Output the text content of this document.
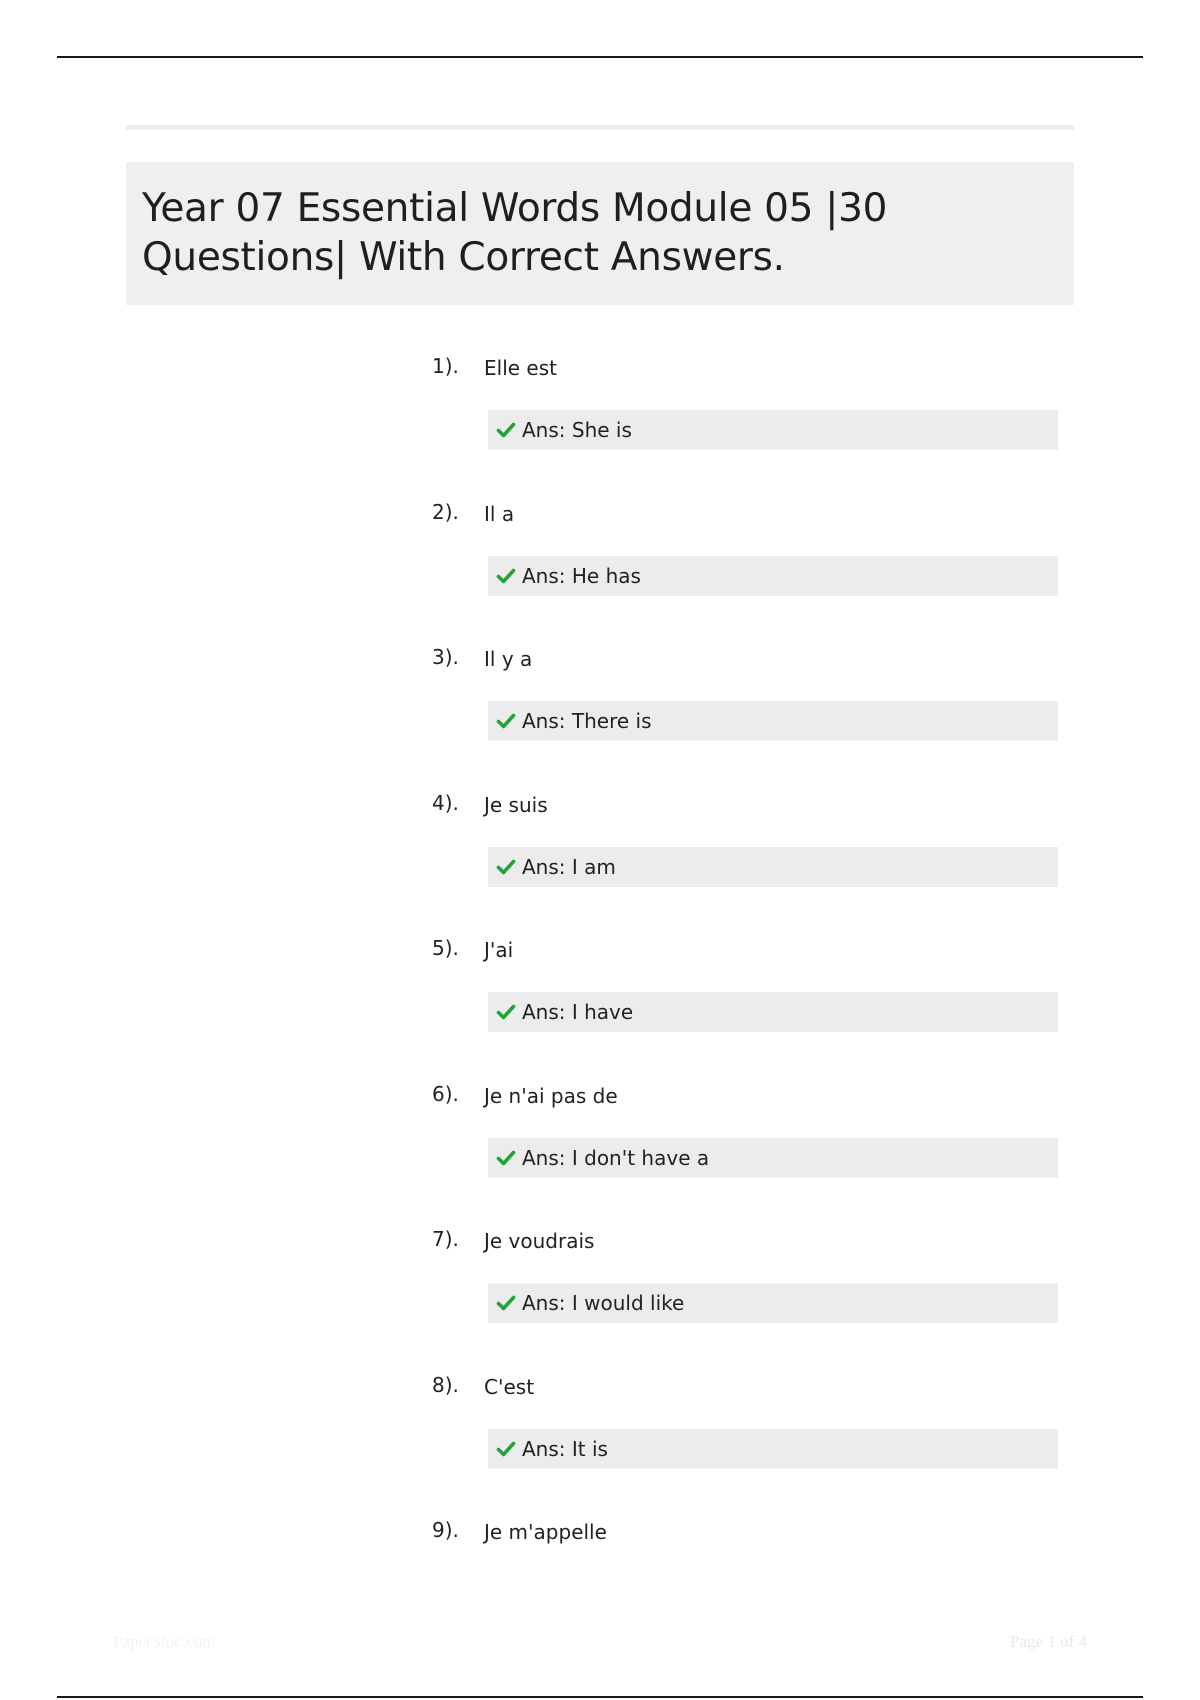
Year 07 Essential Words Module 05 |30 Questions| With Correct Answers.
1). Elle est
Ans: She is
2). Il a
Ans: He has
3). Il y a
Ans: There is
4). Je suis
Ans: I am
5). J'ai
Ans: I have
6). Je n'ai pas de
Ans: I don't have a
7). Je voudrais
Ans: I would like
8). C'est
Ans: It is
9). Je m'appelle
PaperStoc.com	Page 1 of 4
